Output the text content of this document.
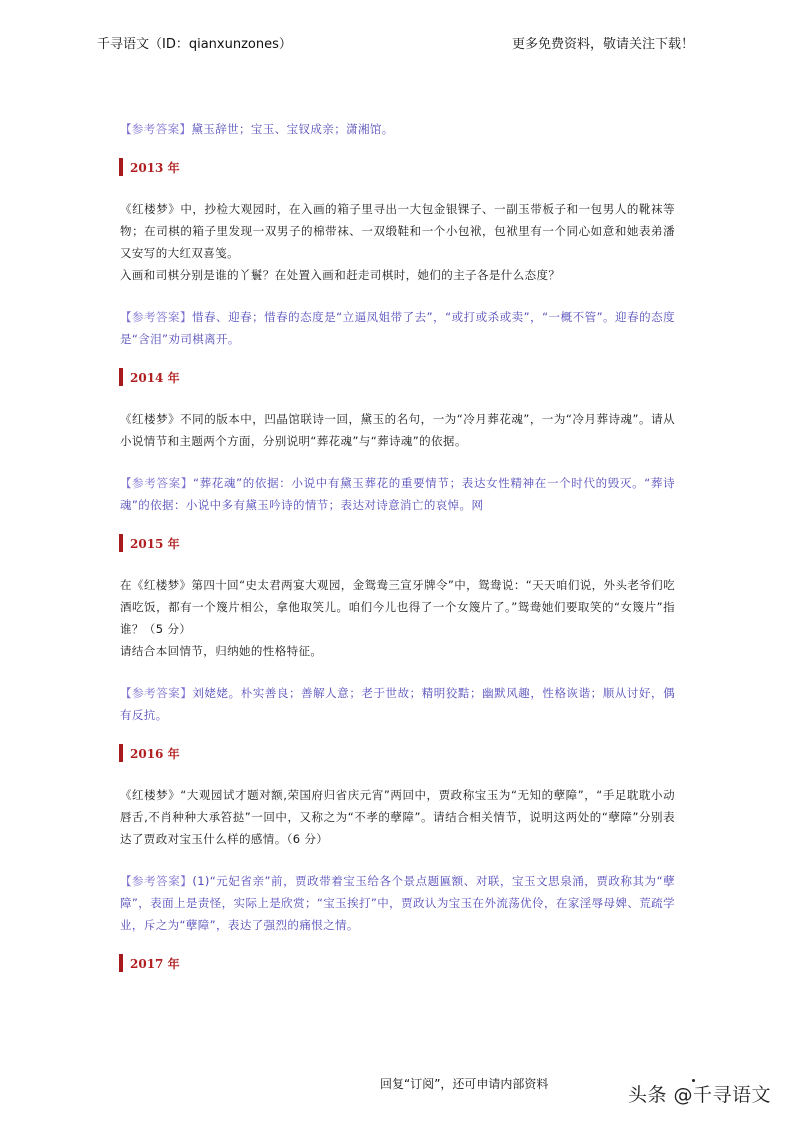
千寻语文（ID：qianxunzones）	更多免费资料，敬请关注下载！
【参考答案】黛玉辞世；宝玉、宝钗成亲；潇湘馆。
2013 年

《红楼梦》中，抄检大观园时，在入画的箱子里寻出一大包金银锞子、一副玉带板子和一包男人的靴袜等物；在司棋的箱子里发现一双男子的棉带袜、一双缎鞋和一个小包袱，包袱里有一个同心如意和她表弟潘又安写的大红双喜笺。

入画和司棋分别是谁的丫鬟？在处置入画和赶走司棋时，她们的主子各是什么态度？

【参考答案】惜春、迎春；惜春的态度是“立逼凤姐带了去”，“或打或杀或卖”，“一概不管”。迎春的态度是“含泪”劝司棋离开。
2014 年

《红楼梦》不同的版本中，凹晶馆联诗一回，黛玉的名句，一为“冷月葬花魂”，一为“冷月葬诗魂”。请从小说情节和主题两个方面，分别说明“葬花魂”与“葬诗魂”的依据。

【参考答案】“葬花魂”的依据：小说中有黛玉葬花的重要情节；表达女性精神在一个时代的毁灭。“葬诗魂”的依据：小说中多有黛玉吟诗的情节；表达对诗意消亡的哀悼。网
2015 年

在《红楼梦》第四十回“史太君两宴大观园，金鸳鸯三宣牙牌令”中，鸳鸯说：“天天咱们说，外头老爷们吃酒吃饭，都有一个篾片相公，拿他取笑儿。咱们今儿也得了一个女篾片了。”鸳鸯她们要取笑的“女篾片”指谁？（5 分）

请结合本回情节，归纳她的性格特征。

【参考答案】刘姥姥。朴实善良；善解人意；老于世故；精明狡黠；幽默风趣，性格诙谐；顺从讨好，偶有反抗。
2016 年

《红楼梦》“大观园试才题对额,荣国府归省庆元宵”两回中，贾政称宝玉为“无知的孽障”，“手足耽耽小动唇舌,不肖种种大承笞挞”一回中，又称之为“不孝的孽障”。请结合相关情节，说明这两处的“孽障”分别表达了贾政对宝玉什么样的感情。（6 分）

【参考答案】(1)“元妃省亲”前，贾政带着宝玉给各个景点题匾额、对联，宝玉文思泉涌，贾政称其为“孽障”，表面上是责怪，实际上是欣赏；“宝玉挨打”中，贾政认为宝玉在外流荡优伶，在家淫辱母婢、荒疏学业，斥之为“孽障”，表达了强烈的痛恨之情。
2017 年
回复“订阅”，还可申请内部资料	头条 @千寻语文
